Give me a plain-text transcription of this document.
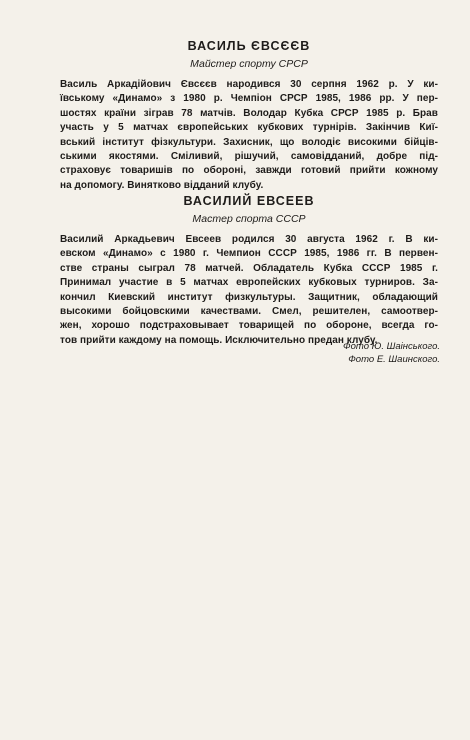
ВАСИЛЬ ЄВСЄЄВ
Майстер спорту СРСР

Василь Аркадійович Євсєєв народився 30 серпня 1962 р. У ки-
ївському «Динамо» з 1980 р. Чемпіон СРСР 1985, 1986 рр. У пер-
шостях країни зіграв 78 матчів. Володар Кубка СРСР 1985 р. Брав
участь у 5 матчах європейських кубкових турнірів. Закінчив Киї-
вський інститут фізкультури. Захисник, що володіє високими бійцiв-
ськими якостями. Сміливий, рішучий, самовідданий, добре під-
страховує товаришів по обороні, завжди готовий прийти кожному
на допомогу. Винятково відданий клубу.

ВАСИЛИЙ ЕВСЕЕВ
Мастер спорта СССР

Василий Аркадьевич Евсеев родился 30 августа 1962 г. В ки-
евском «Динамо» с 1980 г. Чемпион СССР 1985, 1986 гг. В первен-
стве страны сыграл 78 матчей. Обладатель Кубка СССР 1985 г.
Принимал участие в 5 матчах европейских кубковых турниров. За-
кончил Киевский институт физкультуры. Защитник, обладающий
высокими бойцовскими качествами. Смел, решителен, самоотвер-
жен, хорошо подстраховывает товарищей по обороне, всегда го-
тов прийти каждому на помощь. Исключительно предан клубу.

Фото Ю. Шаінського.
Фото Е. Шаинского.
